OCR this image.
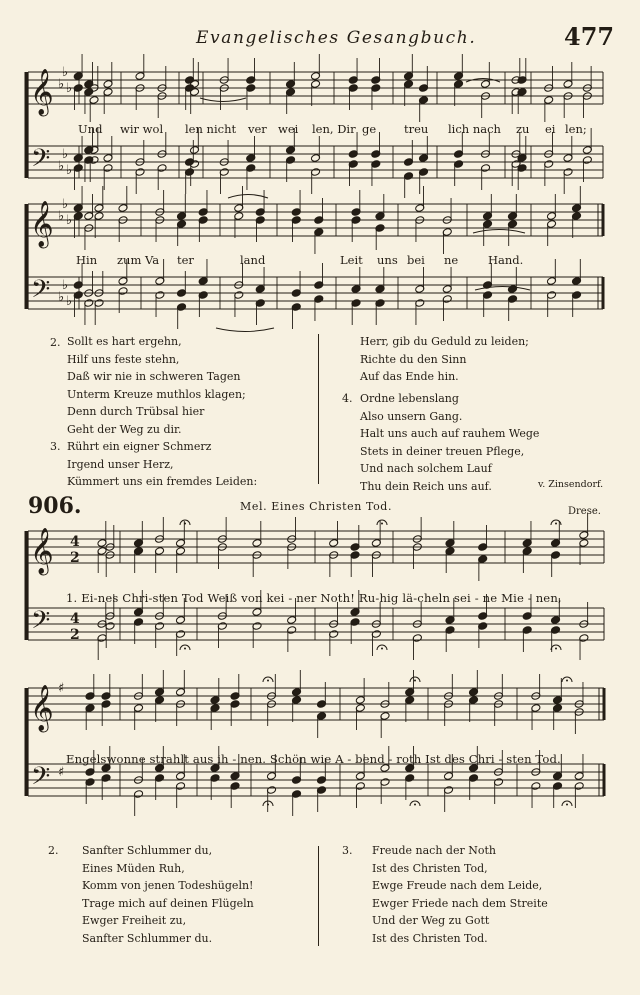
Evangelisches Gesangbuch.	477
𝄞
𝄢
♭
♭
♭
♭
♭
♭
𝄞
𝄢
♭
♭
♭
♭
♭
♭
𝄞
𝄢
4
2
4
2
𝄞
𝄢
♯
♯
Und wir wol len nicht ver wei len, Dir ge treu lich nach zu ei len;
Hin zum Va ter	land	Leit uns bei ne	Hand.
2. Sollt es hart ergehn,
Hilf uns feste stehn,
Daß wir nie in schweren Tagen
Unterm Kreuze muthlos klagen;
Denn durch Trübsal hier
Geht der Weg zu dir.
3. Rührt ein eigner Schmerz
Irgend unser Herz,
Kümmert uns ein fremdes Leiden:
Herr, gib du Geduld zu leiden;
Richte du den Sinn
Auf das Ende hin.
4. Ordne lebenslang
Also unsern Gang.
Halt uns auch auf rauhem Wege
Stets in deiner treuen Pflege,
Und nach solchem Lauf
Thu dein Reich uns auf.	v. Zinsendorf.
906.	Mel. Eines Christen Tod.	Drese.
1. Ei-nes Chri-sten Tod Weiß von kei - ner Noth! Ru-hig lä-cheln sei - ne Mie - nen,
Engelswonne strahlt aus ih - nen. Schön wie A - bend - roth Ist des Chri - sten Tod.
2. Sanfter Schlummer du,
Eines Müden Ruh,
Komm von jenen Todeshügeln!
Trage mich auf deinen Flügeln
Ewger Freiheit zu,
Sanfter Schlummer du.
3. Freude nach der Noth
Ist des Christen Tod,
Ewge Freude nach dem Leide,
Ewger Friede nach dem Streite
Und der Weg zu Gott
Ist des Christen Tod.
